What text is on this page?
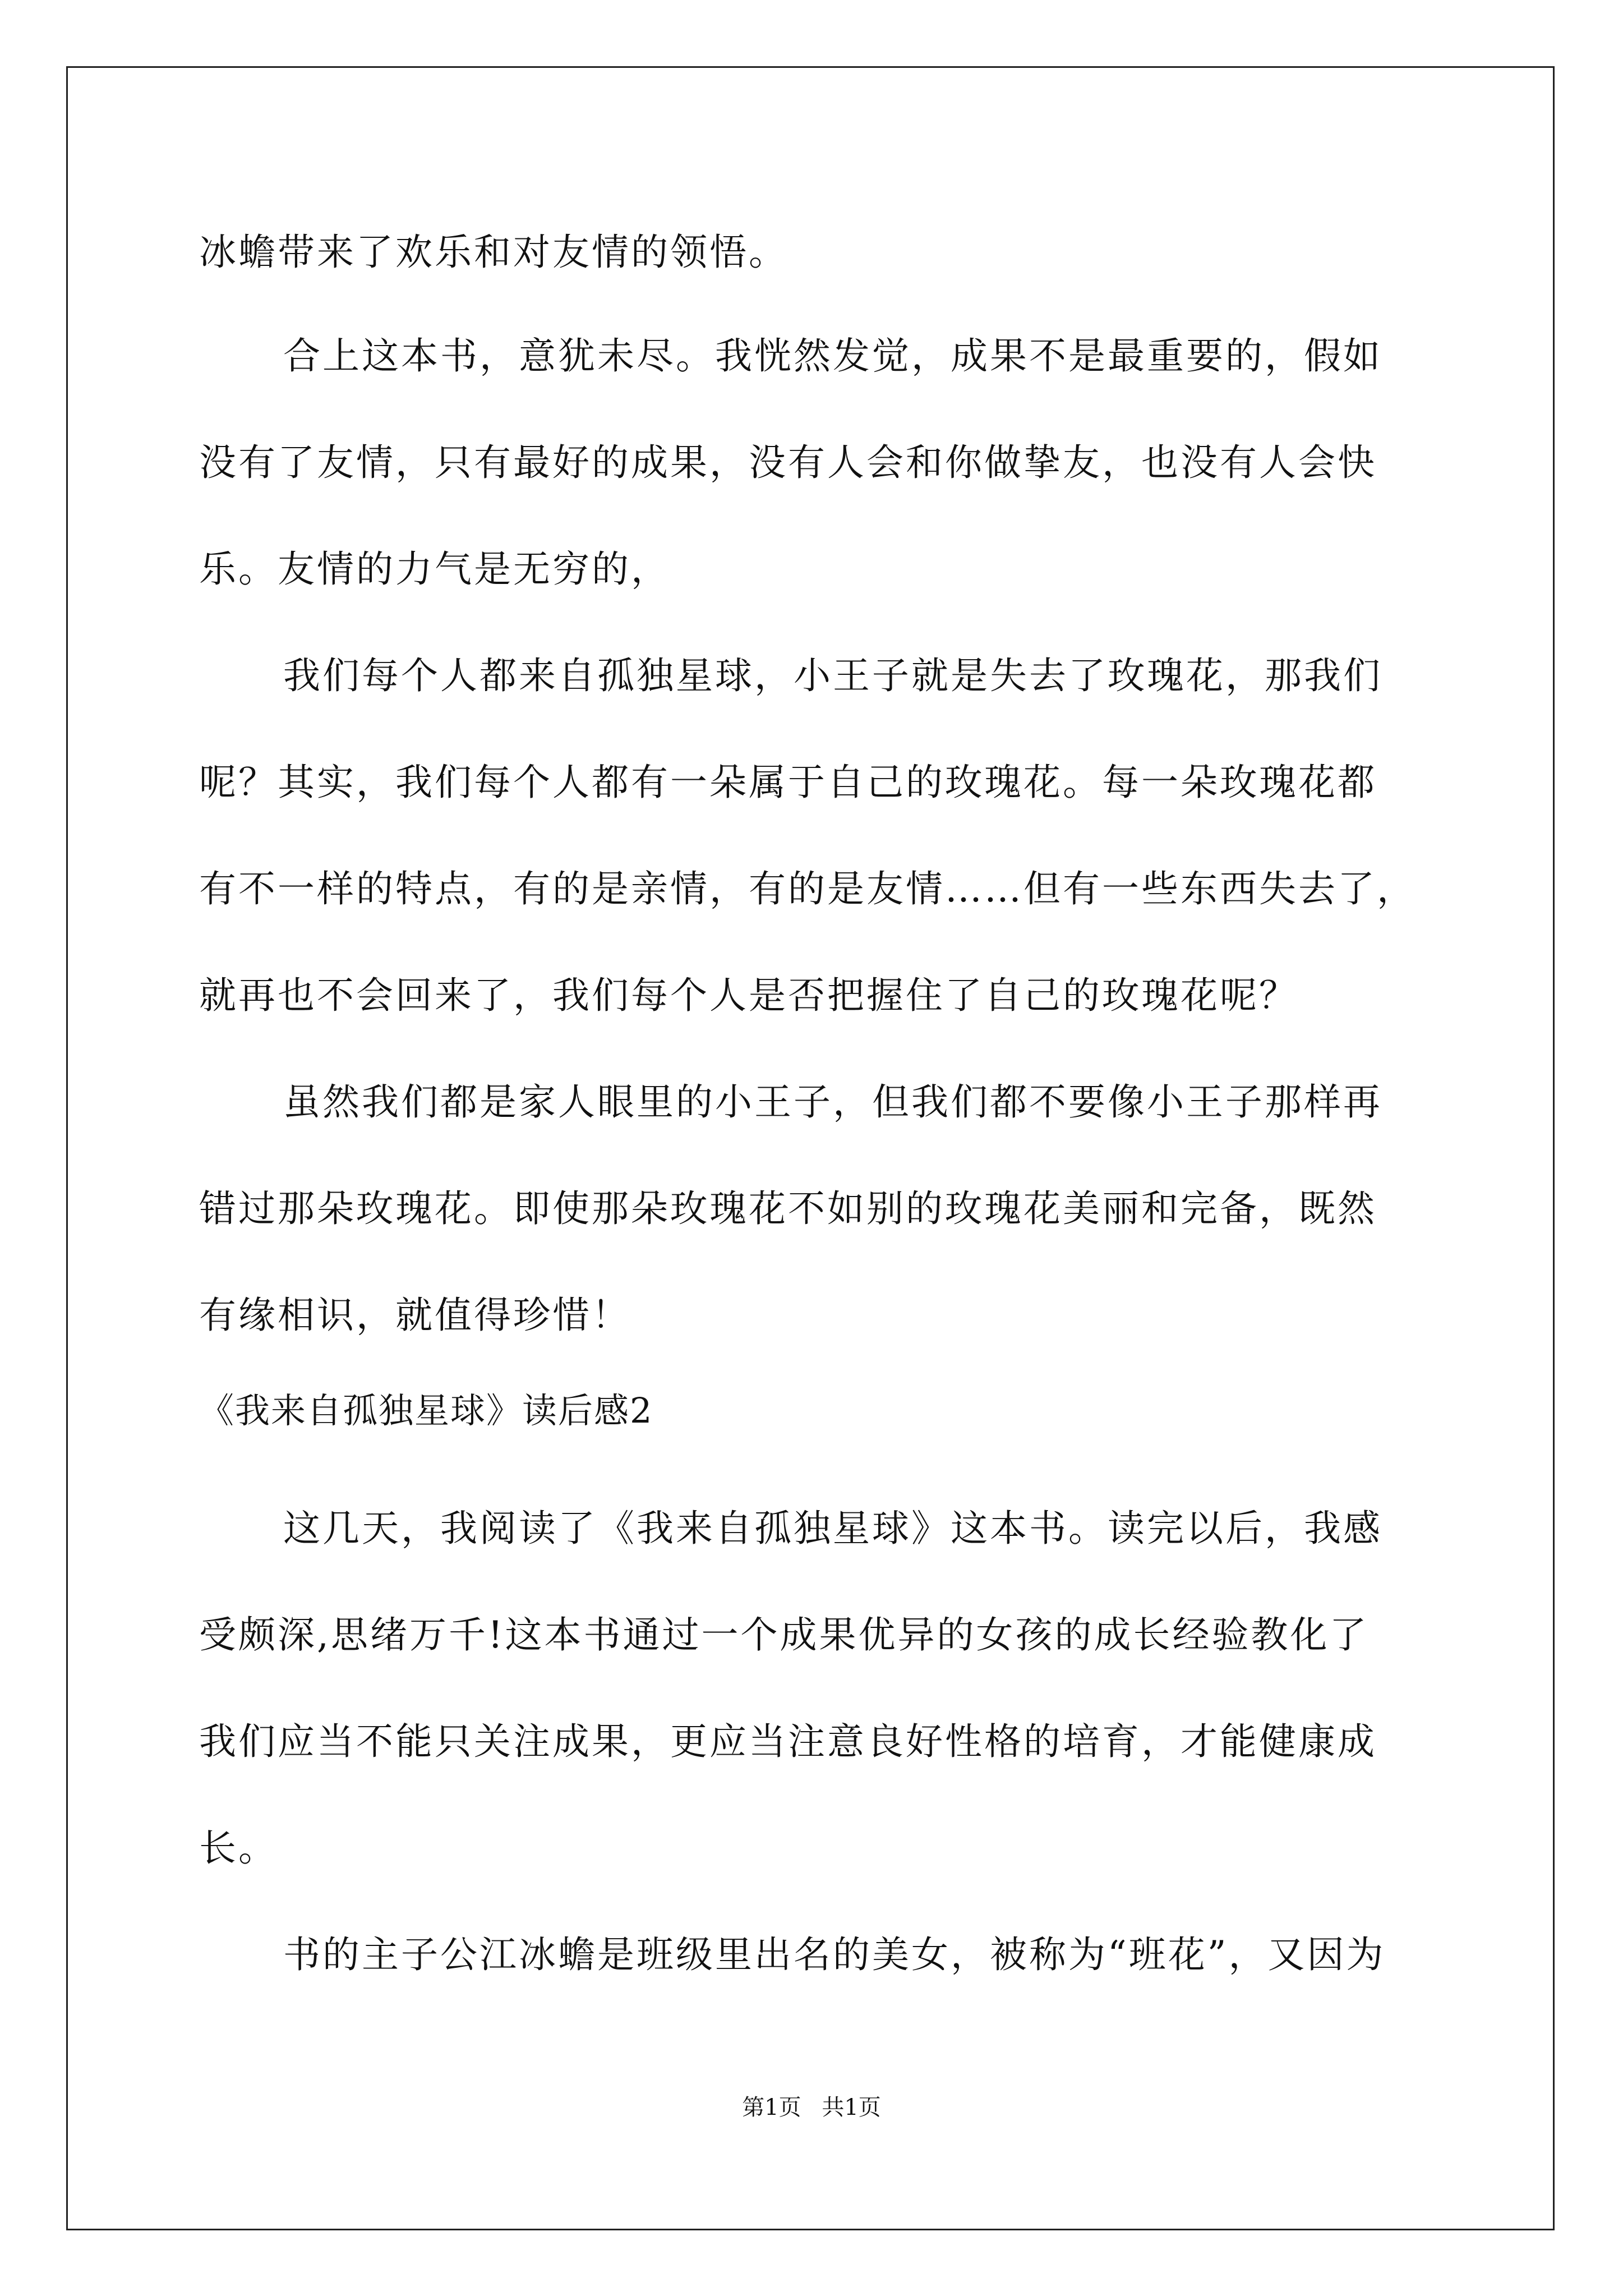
冰蟾带来了欢乐和对友情的领悟。

合上这本书，意犹未尽。我恍然发觉，成果不是最重要的，假如

没有了友情，只有最好的成果，没有人会和你做挚友，也没有人会快

乐。友情的力气是无穷的，

我们每个人都来自孤独星球，小王子就是失去了玫瑰花，那我们

呢？其实，我们每个人都有一朵属于自己的玫瑰花。每一朵玫瑰花都

有不一样的特点，有的是亲情，有的是友情……但有一些东西失去了，

就再也不会回来了，我们每个人是否把握住了自己的玫瑰花呢？

虽然我们都是家人眼里的小王子，但我们都不要像小王子那样再

错过那朵玫瑰花。即使那朵玫瑰花不如别的玫瑰花美丽和完备，既然

有缘相识，就值得珍惜！

《我来自孤独星球》读后感2

这几天，我阅读了《我来自孤独星球》这本书。读完以后，我感

受颇深,思绪万千!这本书通过一个成果优异的女孩的成长经验教化了

我们应当不能只关注成果，更应当注意良好性格的培育，才能健康成

长。

书的主子公江冰蟾是班级里出名的美女，被称为“班花”，又因为

第1页 共1页
